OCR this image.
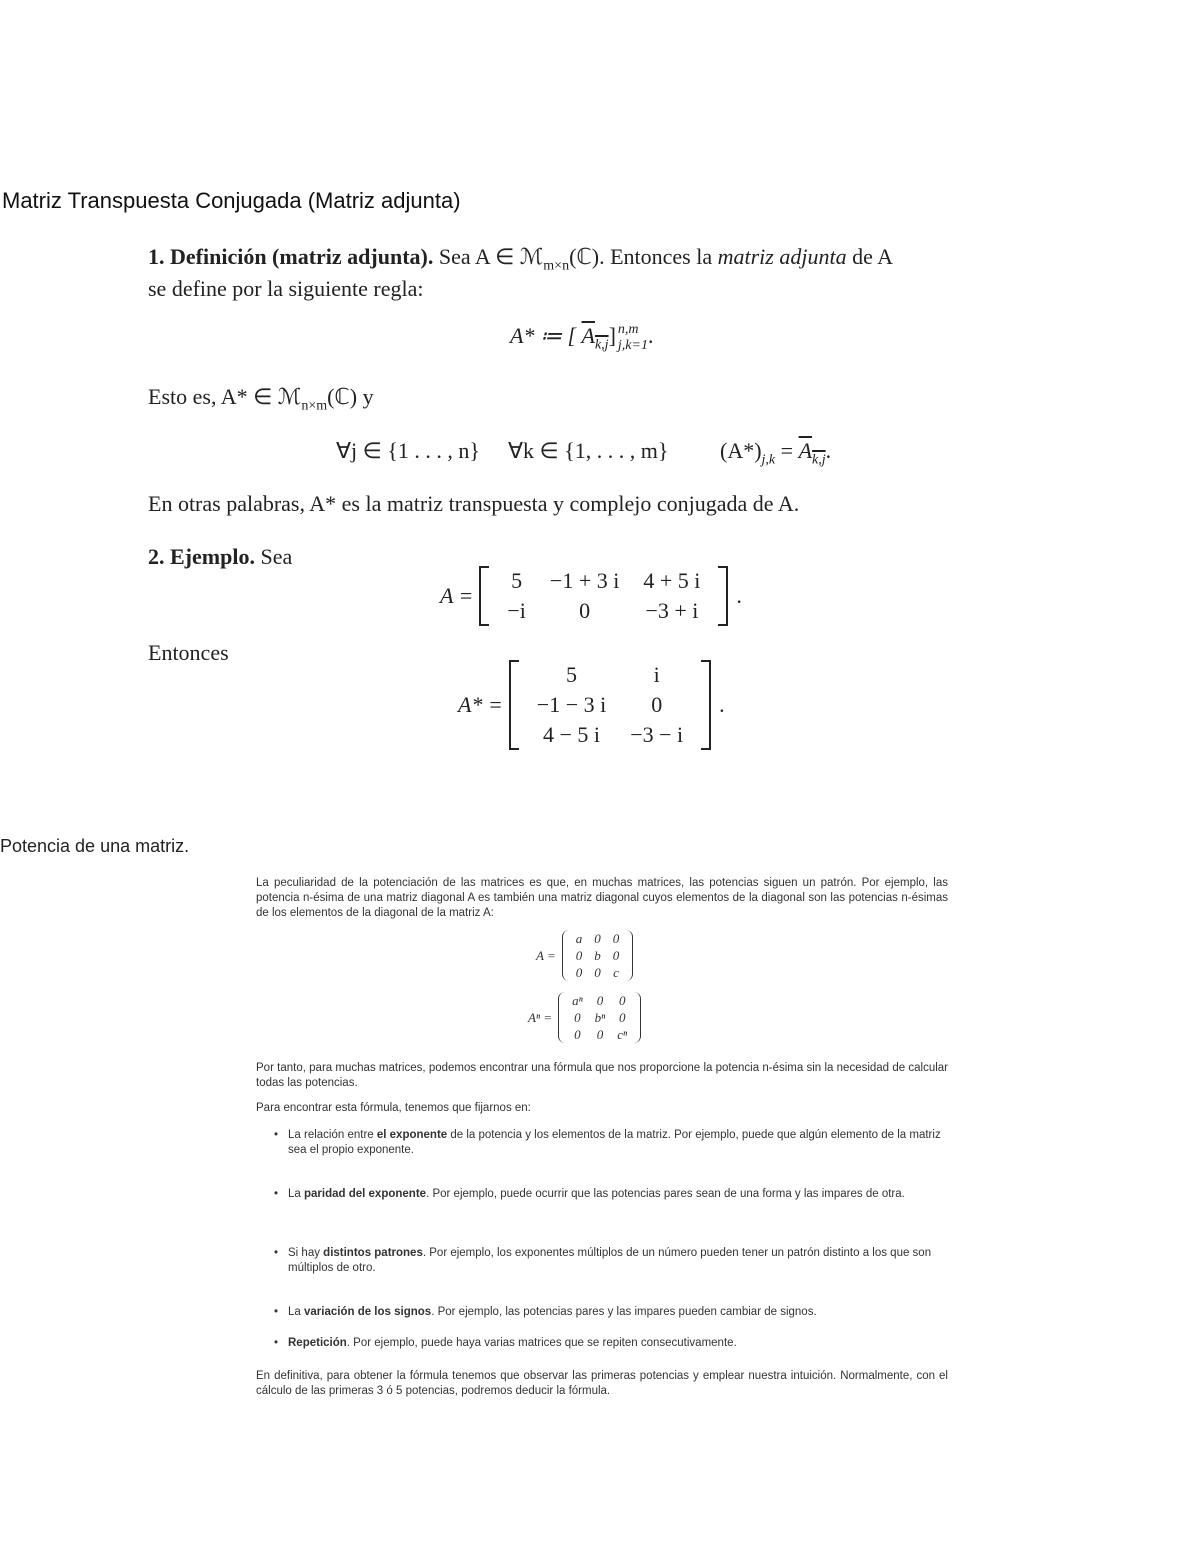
Matriz Transpuesta Conjugada (Matriz adjunta)
1. Definición (matriz adjunta). Sea A ∈ ℳ$_{m\times n}$(ℂ). Entonces la matriz adjunta de A
se define por la siguiente regla:
A* ≔ [ $A_{k,j}$] n,m
j,k=1 .
Esto es, A* ∈ ℳ$_{n\times m}$(ℂ) y
∀j ∈ {1 . . . , n} ∀k ∈ {1, . . . , m} $(A*)_{j,k} = A_{k,j}$.
En otras palabras, A* es la matriz transpuesta y complejo conjugada de A.
2. Ejemplo. Sea
A =
5	−1 + 3 i	4 + 5 i
−i	0	−3 + i
.
Entonces
A* =
5	i
−1 − 3 i	0
4 − 5 i	−3 − i
.
Potencia de una matriz.
La peculiaridad de la potenciación de las matrices es que, en muchas matrices, las potencias siguen un patrón. Por ejemplo, las potencia n-ésima de una matriz diagonal A es también una matriz diagonal cuyos elementos de la diagonal son las potencias n-ésimas de los elementos de la diagonal de la matriz A:
A =
a	0	0
0	b	0
0	0	c
Aⁿ =
aⁿ	0	0
0	bⁿ	0
0	0	cⁿ
Por tanto, para muchas matrices, podemos encontrar una fórmula que nos proporcione la potencia n-ésima sin la necesidad de calcular todas las potencias.
Para encontrar esta fórmula, tenemos que fijarnos en:
• La relación entre el exponente de la potencia y los elementos de la matriz. Por ejemplo, puede que algún elemento de la matriz sea el propio exponente.
• La paridad del exponente. Por ejemplo, puede ocurrir que las potencias pares sean de una forma y las impares de otra.
• Si hay distintos patrones. Por ejemplo, los exponentes múltiplos de un número pueden tener un patrón distinto a los que son múltiplos de otro.
• La variación de los signos. Por ejemplo, las potencias pares y las impares pueden cambiar de signos.
• Repetición. Por ejemplo, puede haya varias matrices que se repiten consecutivamente.
En definitiva, para obtener la fórmula tenemos que observar las primeras potencias y emplear nuestra intuición. Normalmente, con el cálculo de las primeras 3 ó 5 potencias, podremos deducir la fórmula.
